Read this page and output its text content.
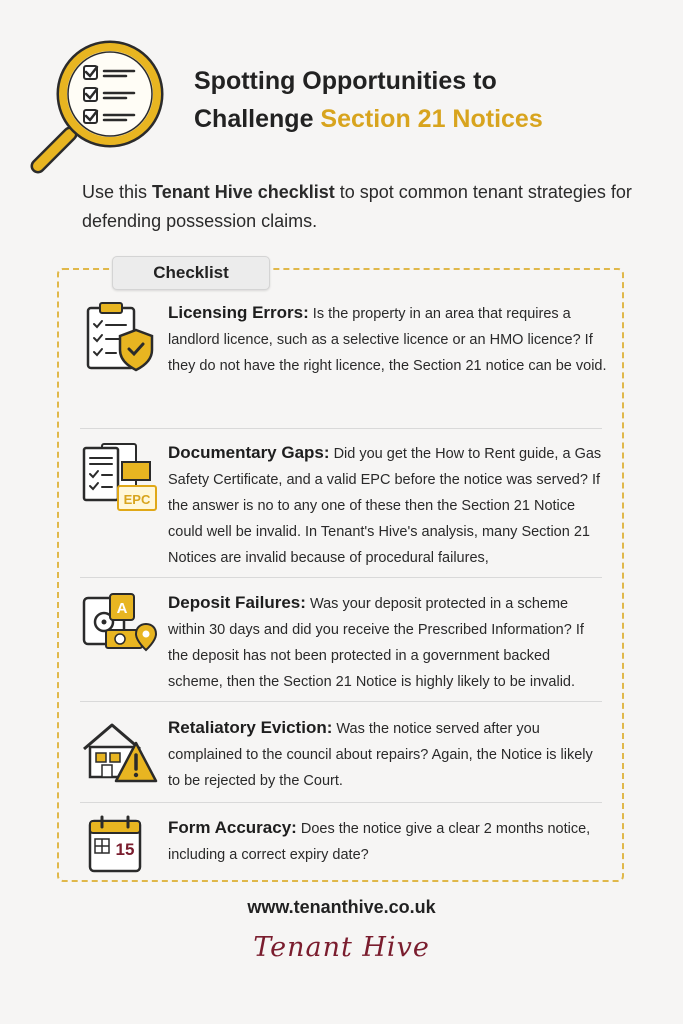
Spotting Opportunities to
Challenge Section 21 Notices
Use this Tenant Hive checklist to spot common tenant strategies for defending possession claims.
Checklist
Licensing Errors: Is the property in an area that requires a landlord licence, such as a selective licence or an HMO licence? If they do not have the right licence, the Section 21 notice can be void.
EPC
Documentary Gaps: Did you get the How to Rent guide, a Gas Safety Certificate, and a valid EPC before the notice was served? If the answer is no to any one of these then the Section 21 Notice could well be invalid. In Tenant's Hive's analysis, many Section 21 Notices are invalid because of procedural failures,
A Deposit Failures: Was your deposit protected in a scheme within 30 days and did you receive the Prescribed Information? If the deposit has not been protected in a government backed scheme, then the Section 21 Notice is highly likely to be invalid.
Retaliatory Eviction: Was the notice served after you complained to the council about repairs? Again, the Notice is likely to be rejected by the Court.
15
Form Accuracy: Does the notice give a clear 2 months notice, including a correct expiry date?
www.tenanthive.co.uk
Tenant Hive
